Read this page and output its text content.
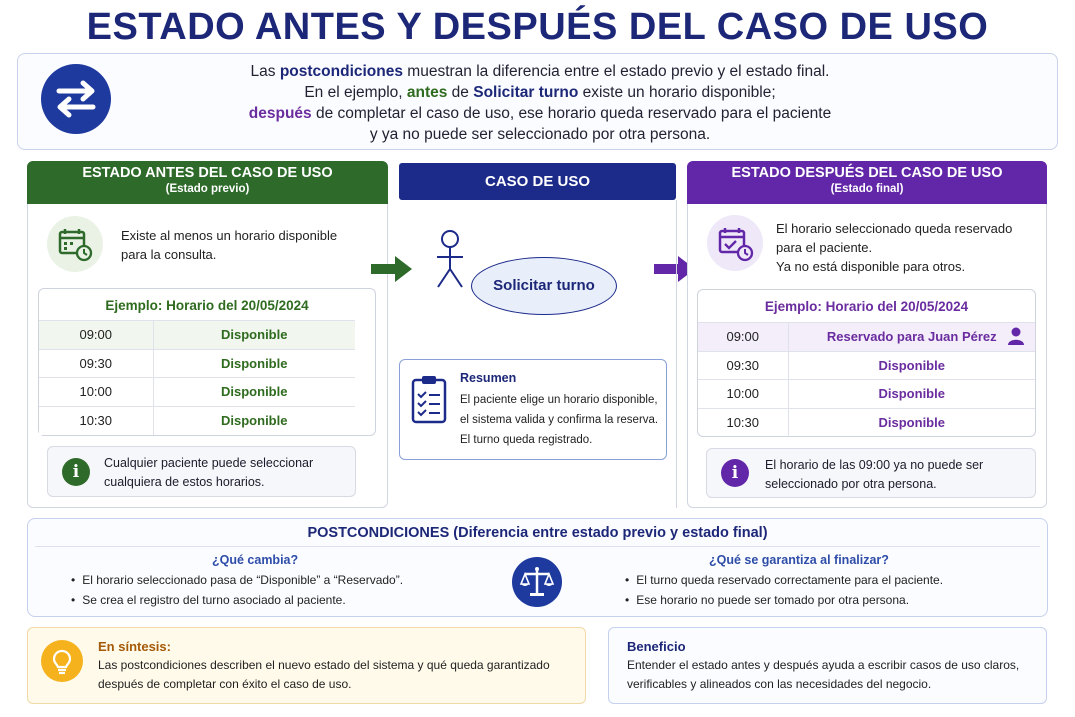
ESTADO ANTES Y DESPUÉS DEL CASO DE USO
Las postcondiciones muestran la diferencia entre el estado previo y el estado final.
En el ejemplo, antes de Solicitar turno existe un horario disponible;
después de completar el caso de uso, ese horario queda reservado para el paciente
y ya no puede ser seleccionado por otra persona.
ESTADO ANTES DEL CASO DE USO
(Estado previo)
Existe al menos un horario disponible
para la consulta.
Ejemplo: Horario del 20/05/2024
09:00	Disponible
09:30	Disponible
10:00	Disponible
10:30	Disponible
i	Cualquier paciente puede seleccionar
cualquiera de estos horarios.
CASO DE USO
Solicitar turno
Resumen
El paciente elige un horario disponible,
el sistema valida y confirma la reserva.
El turno queda registrado.
ESTADO DESPUÉS DEL CASO DE USO
(Estado final)
El horario seleccionado queda reservado
para el paciente.
Ya no está disponible para otros.
Ejemplo: Horario del 20/05/2024
09:00	Reservado para Juan Pérez
09:30	Disponible
10:00	Disponible
10:30	Disponible
i	El horario de las 09:00 ya no puede ser
seleccionado por otra persona.
POSTCONDICIONES (Diferencia entre estado previo y estado final)
¿Qué cambia?
• El horario seleccionado pasa de “Disponible” a “Reservado”.
• Se crea el registro del turno asociado al paciente.
¿Qué se garantiza al finalizar?
• El turno queda reservado correctamente para el paciente.
• Ese horario no puede ser tomado por otra persona.
En síntesis:
Las postcondiciones describen el nuevo estado del sistema y qué queda garantizado
después de completar con éxito el caso de uso.
Beneficio
Entender el estado antes y después ayuda a escribir casos de uso claros,
verificables y alineados con las necesidades del negocio.
